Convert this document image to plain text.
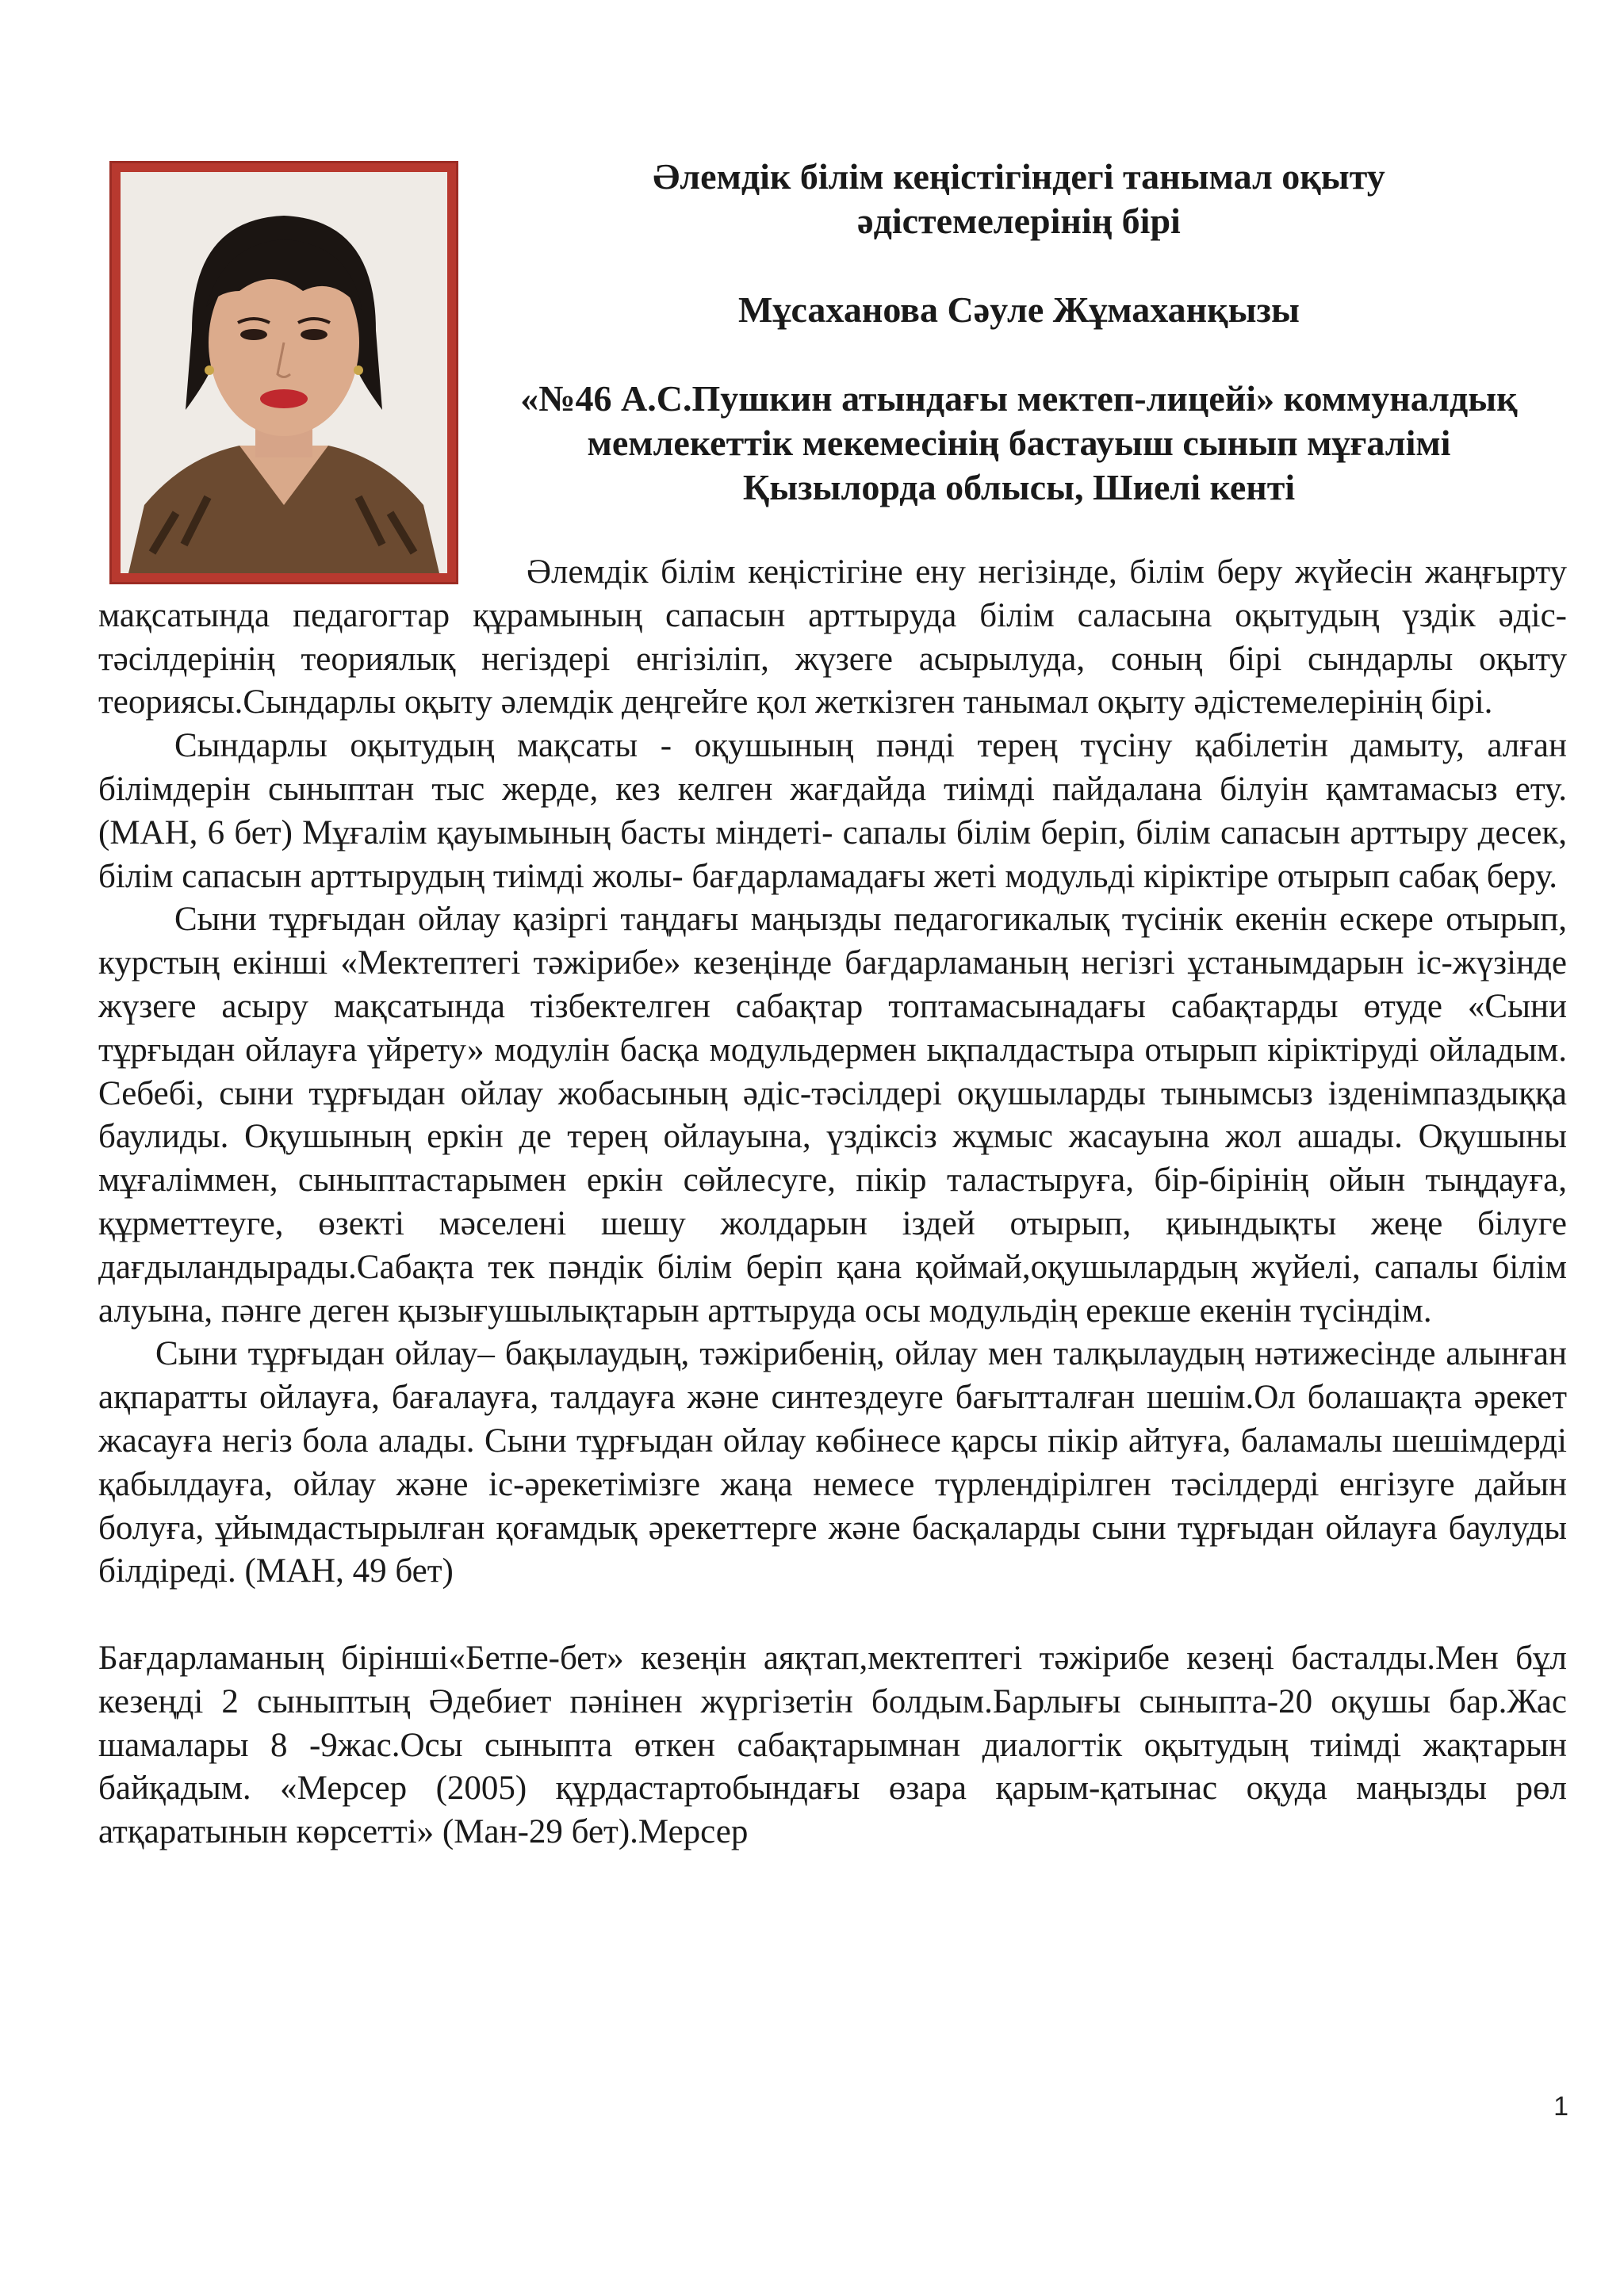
Әлемдік білім кеңістігіндегі танымал оқыту
әдістемелерінің бірі
Мұсаханова Сәуле Жұмаханқызы
«№46 А.С.Пушкин атындағы мектеп-лицейі» коммуналдық
мемлекеттік мекемесінің бастауыш сынып мұғалімі
Қызылорда облысы, Шиелі кенті

Әлемдік білім кеңістігіне ену негізінде, білім беру жүйесін жаңғырту мақсатында педагогтар құрамының сапасын арттыруда білім саласына оқытудың үздік әдіс-тәсілдерінің теориялық негіздері енгізіліп, жүзеге асырылуда, соның бірі сындарлы оқыту теориясы.Сындарлы оқыту әлемдік деңгейге қол жеткізген танымал оқыту әдістемелерінің бірі.

Сындарлы оқытудың мақсаты - оқушының пәнді терең түсіну қабілетін дамыту, алған білімдерін сыныптан тыс жерде, кез келген жағдайда тиімді пайдалана білуін қамтамасыз ету. (МАН, 6 бет) Мұғалім қауымының басты міндеті- сапалы білім беріп, білім сапасын арттыру десек, білім сапасын арттырудың тиімді жолы- бағдарламадағы жеті модульді кіріктіре отырып сабақ беру.

Сыни тұрғыдан ойлау қазіргі таңдағы маңызды педагогикалық түсінік екенін ескере отырып, курстың екінші «Мектептегі тәжірибе» кезеңінде бағдарламаның негізгі ұстанымдарын іс-жүзінде жүзеге асыру мақсатында тізбектелген сабақтар топтамасынадағы сабақтарды өтуде «Сыни тұрғыдан ойлауға үйрету» модулін басқа модульдермен ықпалдастыра отырып кіріктіруді ойладым. Себебі, сыни тұрғыдан ойлау жобасының әдіс-тәсілдері оқушыларды тынымсыз ізденімпаздыққа баулиды. Оқушының еркін де терең ойлауына, үздіксіз жұмыс жасауына жол ашады. Оқушыны мұғаліммен, сыныптастарымен еркін сөйлесуге, пікір таластыруға, бір-бірінің ойын тыңдауға, құрметтеуге, өзекті мәселені шешу жолдарын іздей отырып, қиындықты жеңе білуге дағдыландырады.Сабақта тек пәндік білім беріп қана қоймай,оқушылардың жүйелі, сапалы білім алуына, пәнге деген қызығушылықтарын арттыруда осы модульдің ерекше екенін түсіндім.

Сыни тұрғыдан ойлау– бақылаудың, тәжірибенің, ойлау мен талқылаудың нәтижесінде алынған ақпаратты ойлауға, бағалауға, талдауға және синтездеуге бағытталған шешім.Ол болашақта әрекет жасауға негіз бола алады. Сыни тұрғыдан ойлау көбінесе қарсы пікір айтуға, баламалы шешімдерді қабылдауға, ойлау және іс-әрекетімізге жаңа немесе түрлендірілген тәсілдерді енгізуге дайын болуға, ұйымдастырылған қоғамдық әрекеттерге және басқаларды сыни тұрғыдан ойлауға баулуды білдіреді. (МАН, 49 бет)

Бағдарламаның біріншi«Бетпе-бет» кезеңін аяқтап,мектептегі тәжірибе кезеңі басталды.Мен бұл кезеңді 2 сыныптың Әдебиет пәнінен жүргізетін болдым.Барлығы сыныпта-20 оқушы бар.Жас шамалары 8 -9жас.Осы сыныпта өткен сабақтарымнан диалогтік оқытудың тиімді жақтарын байқадым. «Мерсер (2005) құрдастартобындағы өзара қарым-қатынас оқуда маңызды рөл атқаратынын көрсетті» (Ман-29 бет).Мерсер

1
